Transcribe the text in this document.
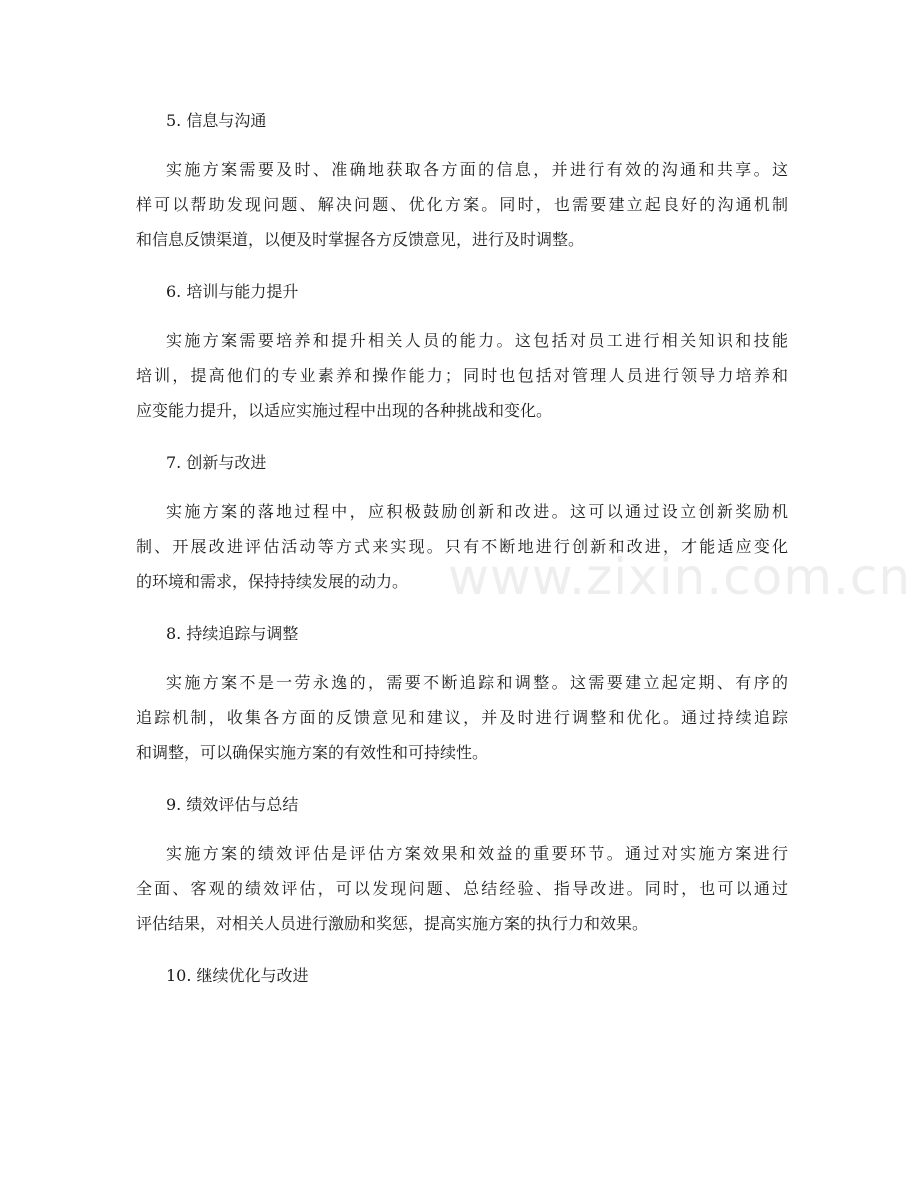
5. 信息与沟通
实施方案需要及时、准确地获取各方面的信息，并进行有效的沟通和共享。这
样可以帮助发现问题、解决问题、优化方案。同时，也需要建立起良好的沟通机制
和信息反馈渠道，以便及时掌握各方反馈意见，进行及时调整。
6. 培训与能力提升
实施方案需要培养和提升相关人员的能力。这包括对员工进行相关知识和技能
培训，提高他们的专业素养和操作能力；同时也包括对管理人员进行领导力培养和
应变能力提升，以适应实施过程中出现的各种挑战和变化。
7. 创新与改进
实施方案的落地过程中，应积极鼓励创新和改进。这可以通过设立创新奖励机
制、开展改进评估活动等方式来实现。只有不断地进行创新和改进，才能适应变化
的环境和需求，保持持续发展的动力。
8. 持续追踪与调整
实施方案不是一劳永逸的，需要不断追踪和调整。这需要建立起定期、有序的
追踪机制，收集各方面的反馈意见和建议，并及时进行调整和优化。通过持续追踪
和调整，可以确保实施方案的有效性和可持续性。
9. 绩效评估与总结
实施方案的绩效评估是评估方案效果和效益的重要环节。通过对实施方案进行
全面、客观的绩效评估，可以发现问题、总结经验、指导改进。同时，也可以通过
评估结果，对相关人员进行激励和奖惩，提高实施方案的执行力和效果。
10. 继续优化与改进
www.zixin.com.cn
